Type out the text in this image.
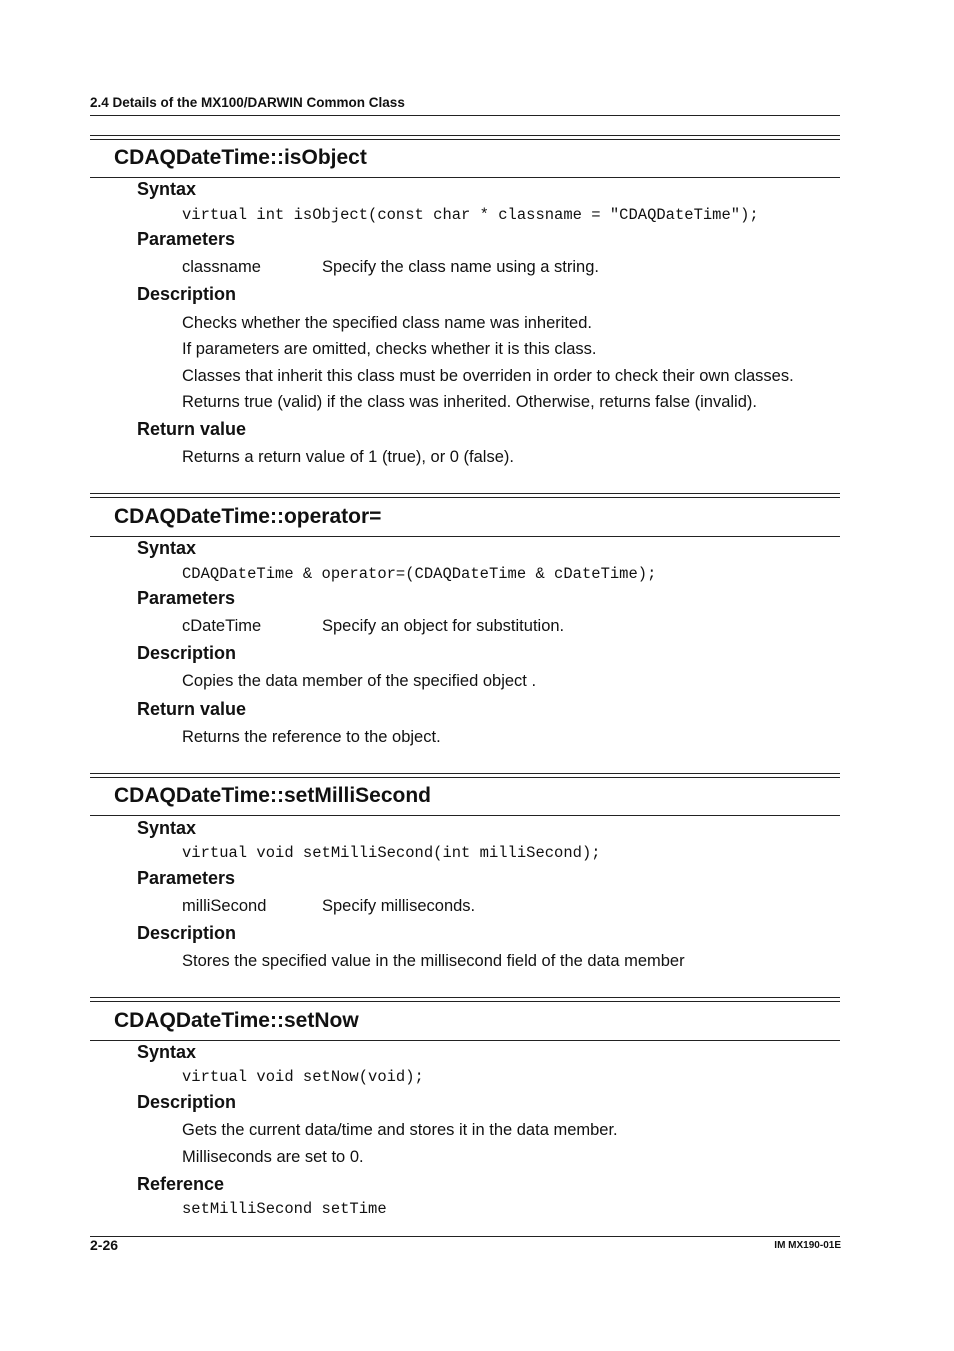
2.4 Details of the MX100/DARWIN Common Class
CDAQDateTime::isObject
Syntax
virtual int isObject(const char * classname = "CDAQDateTime");
Parameters
classname	Specify the class name using a string.
Description
Checks whether the specified class name was inherited.
If parameters are omitted, checks whether it is this class.
Classes that inherit this class must be overriden in order to check their own classes.
Returns true (valid) if the class was inherited. Otherwise, returns false (invalid).
Return value
Returns a return value of 1 (true), or 0 (false).
CDAQDateTime::operator=
Syntax
CDAQDateTime & operator=(CDAQDateTime & cDateTime);
Parameters
cDateTime	Specify an object for substitution.
Description
Copies the data member of the specified object .
Return value
Returns the reference to the object.
CDAQDateTime::setMilliSecond
Syntax
virtual void setMilliSecond(int milliSecond);
Parameters
milliSecond	Specify milliseconds.
Description
Stores the specified value in the millisecond field of the data member
CDAQDateTime::setNow
Syntax
virtual void setNow(void);
Description
Gets the current data/time and stores it in the data member.
Milliseconds are set to 0.
Reference
setMilliSecond setTime
2-26	IM MX190-01E
